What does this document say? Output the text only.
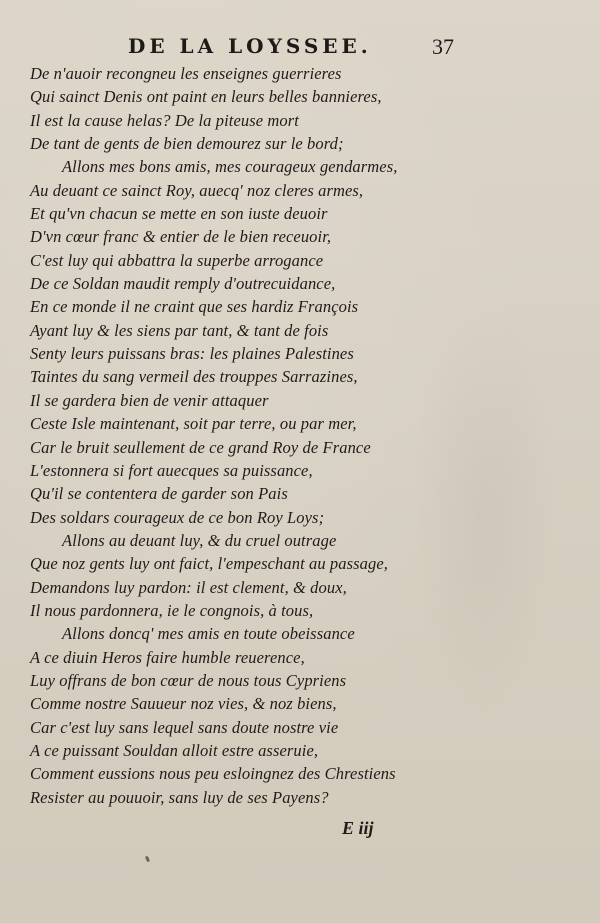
DE LA LOYSSEE.	37
De n'auoir recongneu les enseignes guerrieres
Qui sainct Denis ont paint en leurs belles bannieres,
Il est la cause helas? De la piteuse mort
De tant de gents de bien demourez sur le bord;
Allons mes bons amis, mes courageux gendarmes,
Au deuant ce sainct Roy, auecq' noz cleres armes,
Et qu'vn chacun se mette en son iuste deuoir
D'vn cœur franc & entier de le bien receuoir,
C'est luy qui abbattra la superbe arrogance
De ce Soldan maudit remply d'outrecuidance,
En ce monde il ne craint que ses hardiz François
Ayant luy & les siens par tant, & tant de fois
Senty leurs puissans bras: les plaines Palestines
Taintes du sang vermeil des trouppes Sarrazines,
Il se gardera bien de venir attaquer
Ceste Isle maintenant, soit par terre, ou par mer,
Car le bruit seullement de ce grand Roy de France
L'estonnera si fort auecques sa puissance,
Qu'il se contentera de garder son Pais
Des soldars courageux de ce bon Roy Loys;
Allons au deuant luy, & du cruel outrage
Que noz gents luy ont faict, l'empeschant au passage,
Demandons luy pardon: il est clement, & doux,
Il nous pardonnera, ie le congnois, à tous,
Allons doncq' mes amis en toute obeissance
A ce diuin Heros faire humble reuerence,
Luy offrans de bon cœur de nous tous Cypriens
Comme nostre Sauueur noz vies, & noz biens,
Car c'est luy sans lequel sans doute nostre vie
A ce puissant Souldan alloit estre asseruie,
Comment eussions nous peu esloingnez des Chrestiens
Resister au pouuoir, sans luy de ses Payens?
E iij
